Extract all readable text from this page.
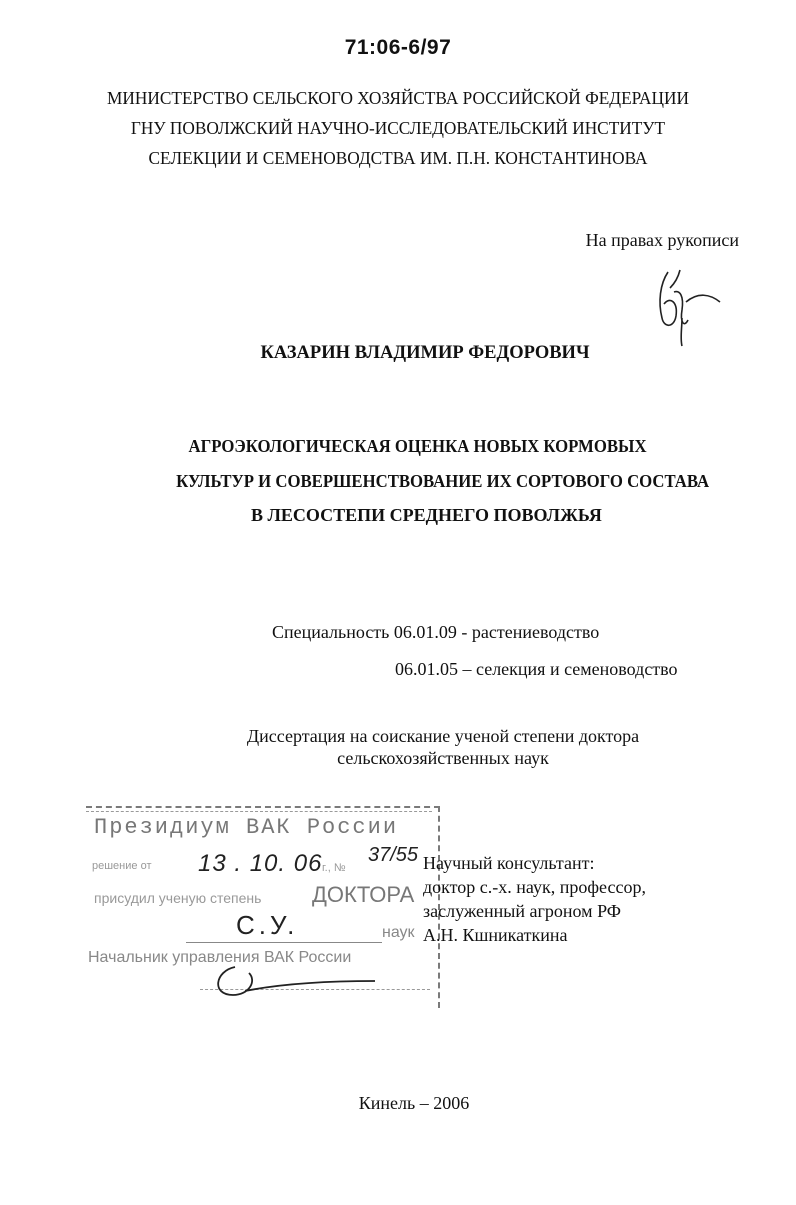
71:06-6/97
МИНИСТЕРСТВО СЕЛЬСКОГО ХОЗЯЙСТВА РОССИЙСКОЙ ФЕДЕРАЦИИ
ГНУ ПОВОЛЖСКИЙ НАУЧНО-ИССЛЕДОВАТЕЛЬСКИЙ ИНСТИТУТ
СЕЛЕКЦИИ И СЕМЕНОВОДСТВА ИМ. П.Н. КОНСТАНТИНОВА
На правах рукописи
КАЗАРИН ВЛАДИМИР ФЕДОРОВИЧ
АГРОЭКОЛОГИЧЕСКАЯ ОЦЕНКА НОВЫХ КОРМОВЫХ
КУЛЬТУР И СОВЕРШЕНСТВОВАНИЕ ИХ СОРТОВОГО СОСТАВА
В ЛЕСОСТЕПИ СРЕДНЕГО ПОВОЛЖЬЯ
Специальность 06.01.09 - растениеводство
06.01.05 – селекция и семеноводство
Диссертация на соискание ученой степени доктора
сельскохозяйственных наук
Президиум ВАК России
решение от 13 . 10. 06 г., №
37/55
присудил ученую степень ДОКТОРА
С.У.	наук
Начальник управления ВАК России
Научный консультант:
доктор с.-х. наук, профессор,
заслуженный агроном РФ
А.Н. Кшникаткина
Кинель – 2006
